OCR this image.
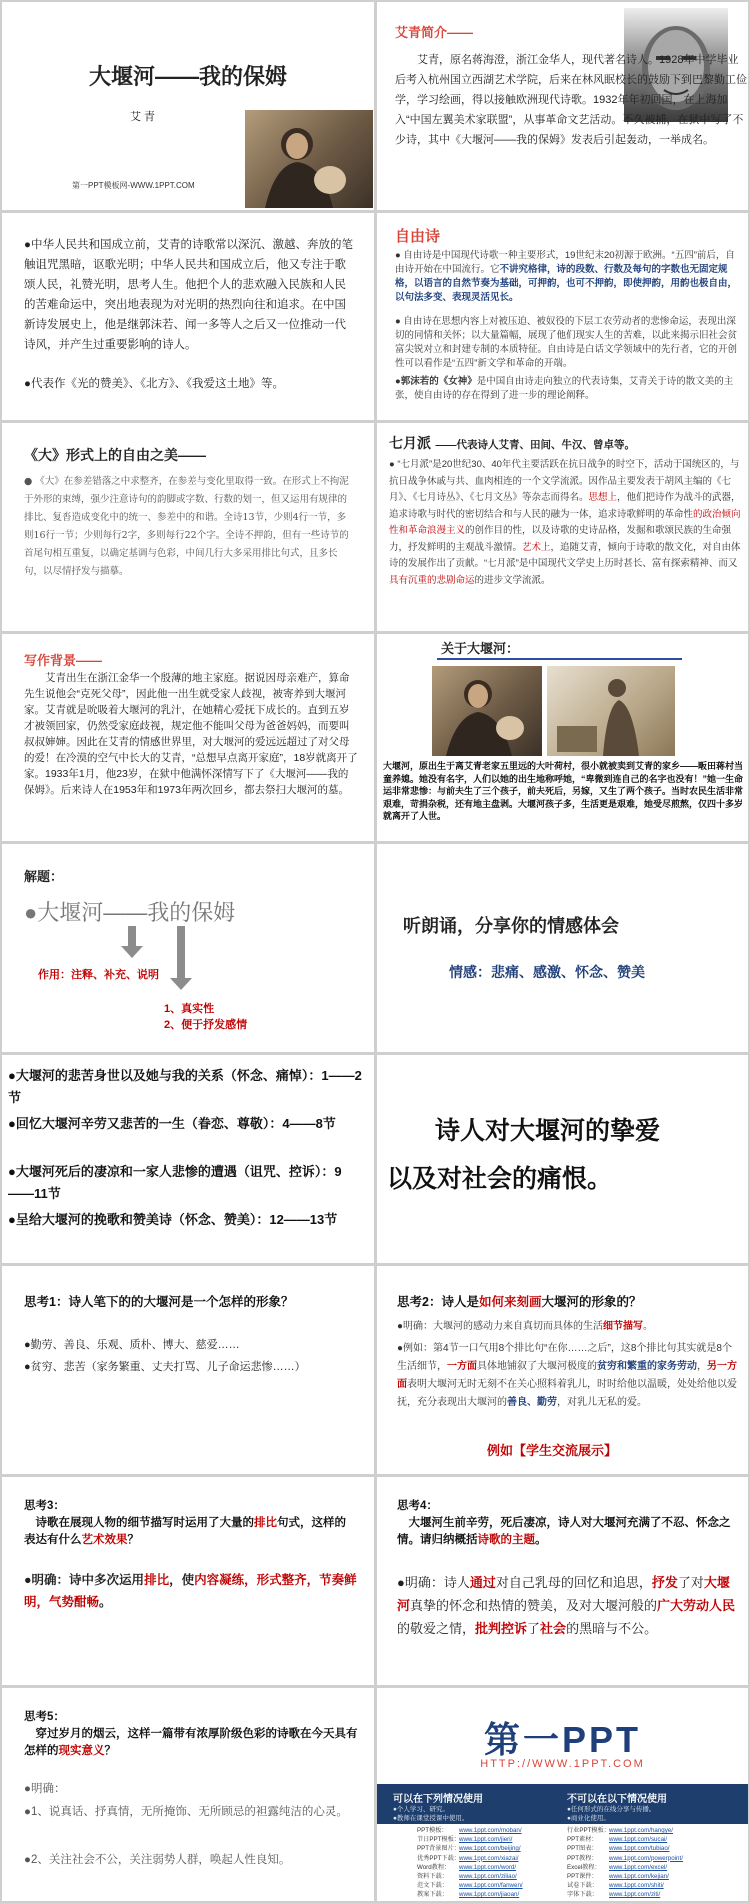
大堰河——我的保姆
艾 青
第一PPT模板网-WWW.1PPT.COM
艾青简介——
艾青，原名蒋海澄，浙江金华人，现代著名诗人。1928年中学毕业后考入杭州国立西湖艺术学院，后来在林风眠校长的鼓励下到巴黎勤工俭学，学习绘画，得以接触欧洲现代诗歌。1932年年初回国，在上海加入“中国左翼美术家联盟”，从事革命文艺活动。不久被捕，在狱中写了不少诗，其中《大堰河——我的保姆》发表后引起轰动，一举成名。
●中华人民共和国成立前，艾青的诗歌常以深沉、激越、奔放的笔触诅咒黑暗，讴歌光明；中华人民共和国成立后，他又专注于歌颂人民，礼赞光明，思考人生。他把个人的悲欢融入民族和人民的苦难命运中，突出地表现为对光明的热烈向往和追求。在中国新诗发展史上，他是继郭沫若、闻一多等人之后又一位推动一代诗风，并产生过重要影响的诗人。
●代表作《光的赞美》、《北方》、《我爱这土地》等。
自由诗
● 自由诗是中国现代诗歌一种主要形式，19世纪末20初源于欧洲。“五四”前后，自由诗开始在中国流行。它不讲究格律，诗的段数、行数及每句的字数也无固定规格，以语言的自然节奏为基础，可押韵，也可不押韵，即使押韵，用韵也极自由，以句法多变、表现灵活见长。
● 自由诗在思想内容上对被压迫、被奴役的下层工农劳动者的悲惨命运，表现出深切的同情和关怀；以大量篇幅，展现了他们现实人生的苦难，以此来揭示旧社会贫富尖锐对立和封建专制的本质特征。自由诗是白话文学领域中的先行者，它的开创性可以看作是“五四”新文学和革命的开端。
●郭沫若的《女神》是中国自由诗走向独立的代表诗集，艾青关于诗的散文美的主张，使自由诗的存在得到了进一步的理论阐释。
《大》形式上的自由之美——
● 《大》在参差错落之中求整齐，在参差与变化里取得一致。在形式上不拘泥于外形的束缚，强少注意诗句的韵脚或字数、行数的划一，但又运用有规律的排比、复沓造成变化中的统一、参差中的和谐。全诗13节，少则4行一节，多则16行一节；少则每行2字，多则每行22个字。全诗不押韵，但有一些诗节的首尾句相互重复，以确定基调与色彩，中间几行大多采用排比句式，且多长句，以尽情抒发与描摹。
七月派 ——代表诗人艾青、田间、牛汉、曾卓等。
● “七月派”是20世纪30、40年代主要活跃在抗日战争的时空下，活动于国统区的，与抗日战争休戚与共、血肉相连的一个文学流派。因作品主要发表于胡风主编的《七月》、《七月诗丛》、《七月文丛》等杂志而得名。思想上，他们把诗作为战斗的武器，追求诗歌与时代的密切结合和与人民的融为一体，追求诗歌鲜明的革命性的政治倾向性和革命浪漫主义的创作目的性，以及诗歌的史诗品格，发掘和歌颂民族的生命强力，抒发鲜明的主观战斗激情。艺术上，追随艾青，倾向于诗歌的散文化，对自由体诗的发展作出了贡献。“七月派”是中国现代文学史上历时甚长、富有探索精神、而又具有沉重的悲剧命运的进步文学流派。
写作背景——
艾青出生在浙江金华一个殷薄的地主家庭。据说因母亲难产，算命先生说他会“克死父母”，因此他一出生就受家人歧视，被寄养到大堰河家。艾青就是吮吸着大堰河的乳汁，在她精心爱抚下成长的。直到五岁才被领回家，仍然受家庭歧视，规定他不能叫父母为爸爸妈妈，而要叫叔叔婶婶。因此在艾青的情感世界里，对大堰河的爱远远超过了对父母的爱！在冷漠的空气中长大的艾青，“总想早点离开家庭”，18岁就离开了家。1933年1月，他23岁，在狱中他满怀深情写下了《大堰河——我的保姆》。后来诗人在1953年和1973年两次回乡，都去祭扫大堰河的墓。
关于大堰河：
大堰河，原出生于离艾青老家五里远的大叶荷村，很小就被卖到艾青的家乡——畈田蒋村当童养媳。她没有名字，人们以她的出生地称呼她，“卑微到连自己的名字也没有！”她一生命运非常悲惨：与前夫生了三个孩子，前夫死后，另嫁，又生了两个孩子。当时农民生活非常艰难，苛捐杂税，还有地主盘剥。大堰河孩子多，生活更是艰难，她受尽煎熬，仅四十多岁就离开了人世。
解题：
●大堰河——我的保姆
作用：注释、补充、说明
1、真实性
2、便于抒发感情
听朗诵，分享你的情感体会
情感：悲痛、感激、怀念、赞美
●大堰河的悲苦身世以及她与我的关系（怀念、痛悼）：1——2节
●回忆大堰河辛劳又悲苦的一生（眷恋、尊敬）：4——8节
●大堰河死后的凄凉和一家人悲惨的遭遇（诅咒、控诉）：9——11节
●呈给大堰河的挽歌和赞美诗（怀念、赞美）：12——13节
诗人对大堰河的挚爱
以及对社会的痛恨。
思考1：诗人笔下的的大堰河是一个怎样的形象？
●勤劳、善良、乐观、质朴、博大、慈爱……
●贫穷、悲苦（家务繁重、丈夫打骂、儿子命运悲惨……）
思考2：诗人是如何来刻画大堰河的形象的？
●明确：大堰河的感动力来自真切而具体的生活细节描写。
●例如：第4节一口气用8个排比句“在你……之后”，这8个排比句其实就是8个生活细节，一方面具体地铺叙了大堰河极度的贫穷和繁重的家务劳动，另一方面表明大堰河无时无刻不在关心照料着乳儿，时时给他以温暖，处处给他以爱抚，充分表现出大堰河的善良、勤劳，对乳儿无私的爱。
例如【学生交流展示】
思考3：
诗歌在展现人物的细节描写时运用了大量的排比句式，这样的表达有什么艺术效果？
●明确：诗中多次运用排比，使内容凝练，形式整齐，节奏鲜明，气势酣畅。
思考4：
大堰河生前辛劳，死后凄凉，诗人对大堰河充满了不忍、怀念之情。请归纳概括诗歌的主题。
●明确：诗人通过对自己乳母的回忆和追思，抒发了对大堰河真挚的怀念和热情的赞美，及对大堰河般的广大劳动人民的敬爱之情，批判控诉了社会的黑暗与不公。
思考5：
穿过岁月的烟云，这样一篇带有浓厚阶级色彩的诗歌在今天具有怎样的现实意义？
●明确：
●1、说真话、抒真情，无所掩饰、无所顾忌的袒露纯洁的心灵。
●2、关注社会不公，关注弱势人群，唤起人性良知。
第一PPT
HTTP://WWW.1PPT.COM
可以在下列情况使用
●个人学习、研究。
●教师在课堂授课中使用。
不可以在以下情况使用
●任何形式的在线分享与传播。
●商业化使用。
PPT模板： www.1ppt.com/moban/
节日PPT模板：www.1ppt.com/jieri/
PPT背景图片：www.1ppt.com/beijing/
优秀PPT下载：www.1ppt.com/xiazai/
Word教程： www.1ppt.com/word/
资料下载： www.1ppt.com/ziliao/
范文下载： www.1ppt.com/fanwen/
教案下载： www.1ppt.com/jiaoan/
行业PPT模板：www.1ppt.com/hangye/
PPT素材： www.1ppt.com/sucai/
PPT图表： www.1ppt.com/tubiao/
PPT教程： www.1ppt.com/powerpoint/
Excel教程： www.1ppt.com/excel/
PPT课件： www.1ppt.com/kejian/
试卷下载： www.1ppt.com/shiti/
字体下载： www.1ppt.com/ziti/
